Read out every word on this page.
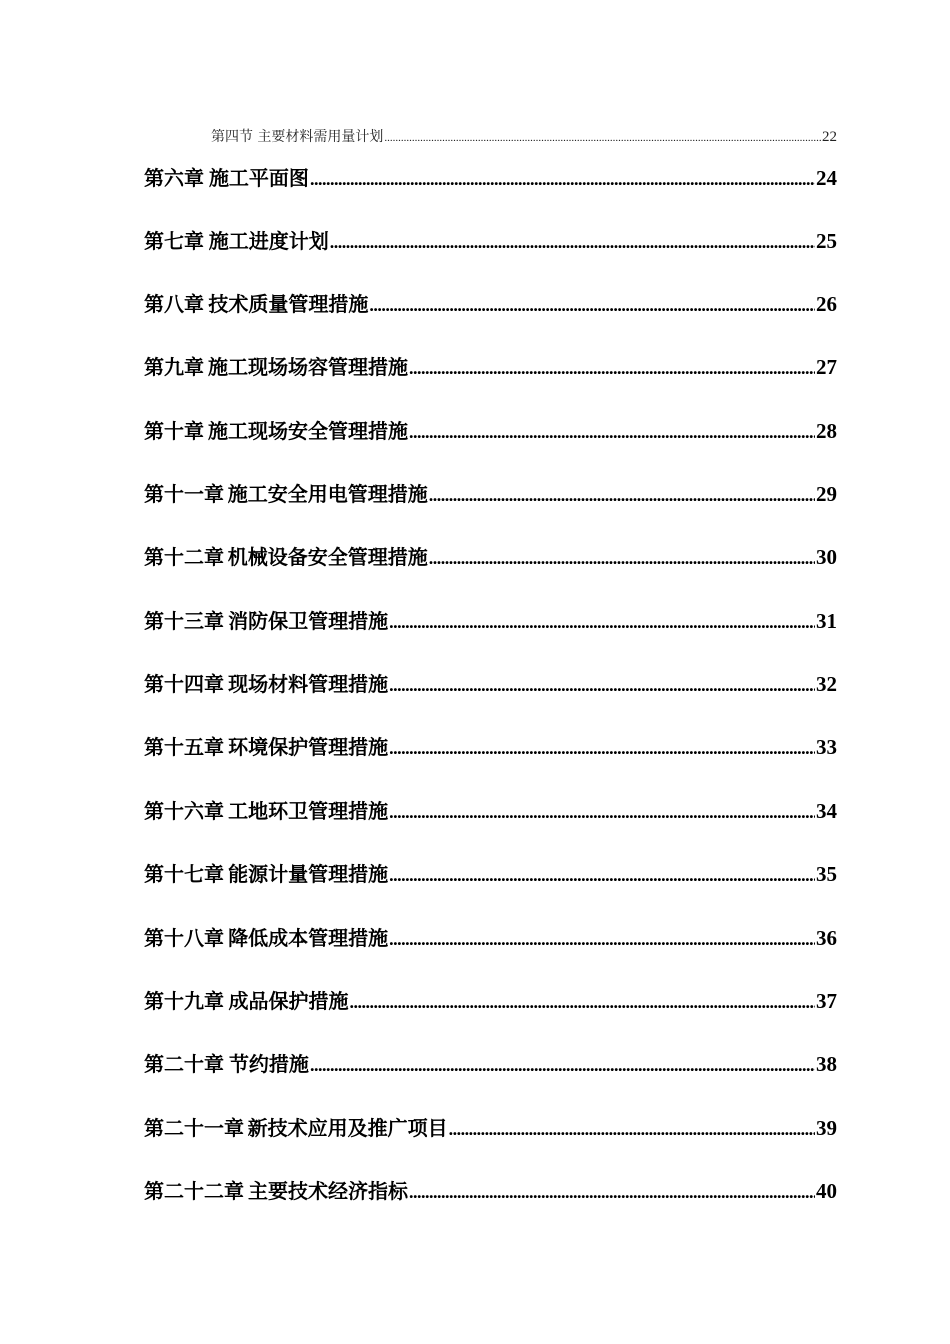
第四节 主要材料需用量计划 .....	22
第六章 施工平面图 .....	24
第七章 施工进度计划 .....	25
第八章 技术质量管理措施 .....	26
第九章 施工现场场容管理措施 .....	27
第十章 施工现场安全管理措施 .....	28
第十一章 施工安全用电管理措施 .....	29
第十二章 机械设备安全管理措施 .....	30
第十三章 消防保卫管理措施 .....	31
第十四章 现场材料管理措施 .....	32
第十五章 环境保护管理措施 .....	33
第十六章 工地环卫管理措施 .....	34
第十七章 能源计量管理措施 .....	35
第十八章 降低成本管理措施 .....	36
第十九章 成品保护措施 .....	37
第二十章 节约措施 .....	38
第二十一章 新技术应用及推广项目 .....	39
第二十二章 主要技术经济指标 .....	40
